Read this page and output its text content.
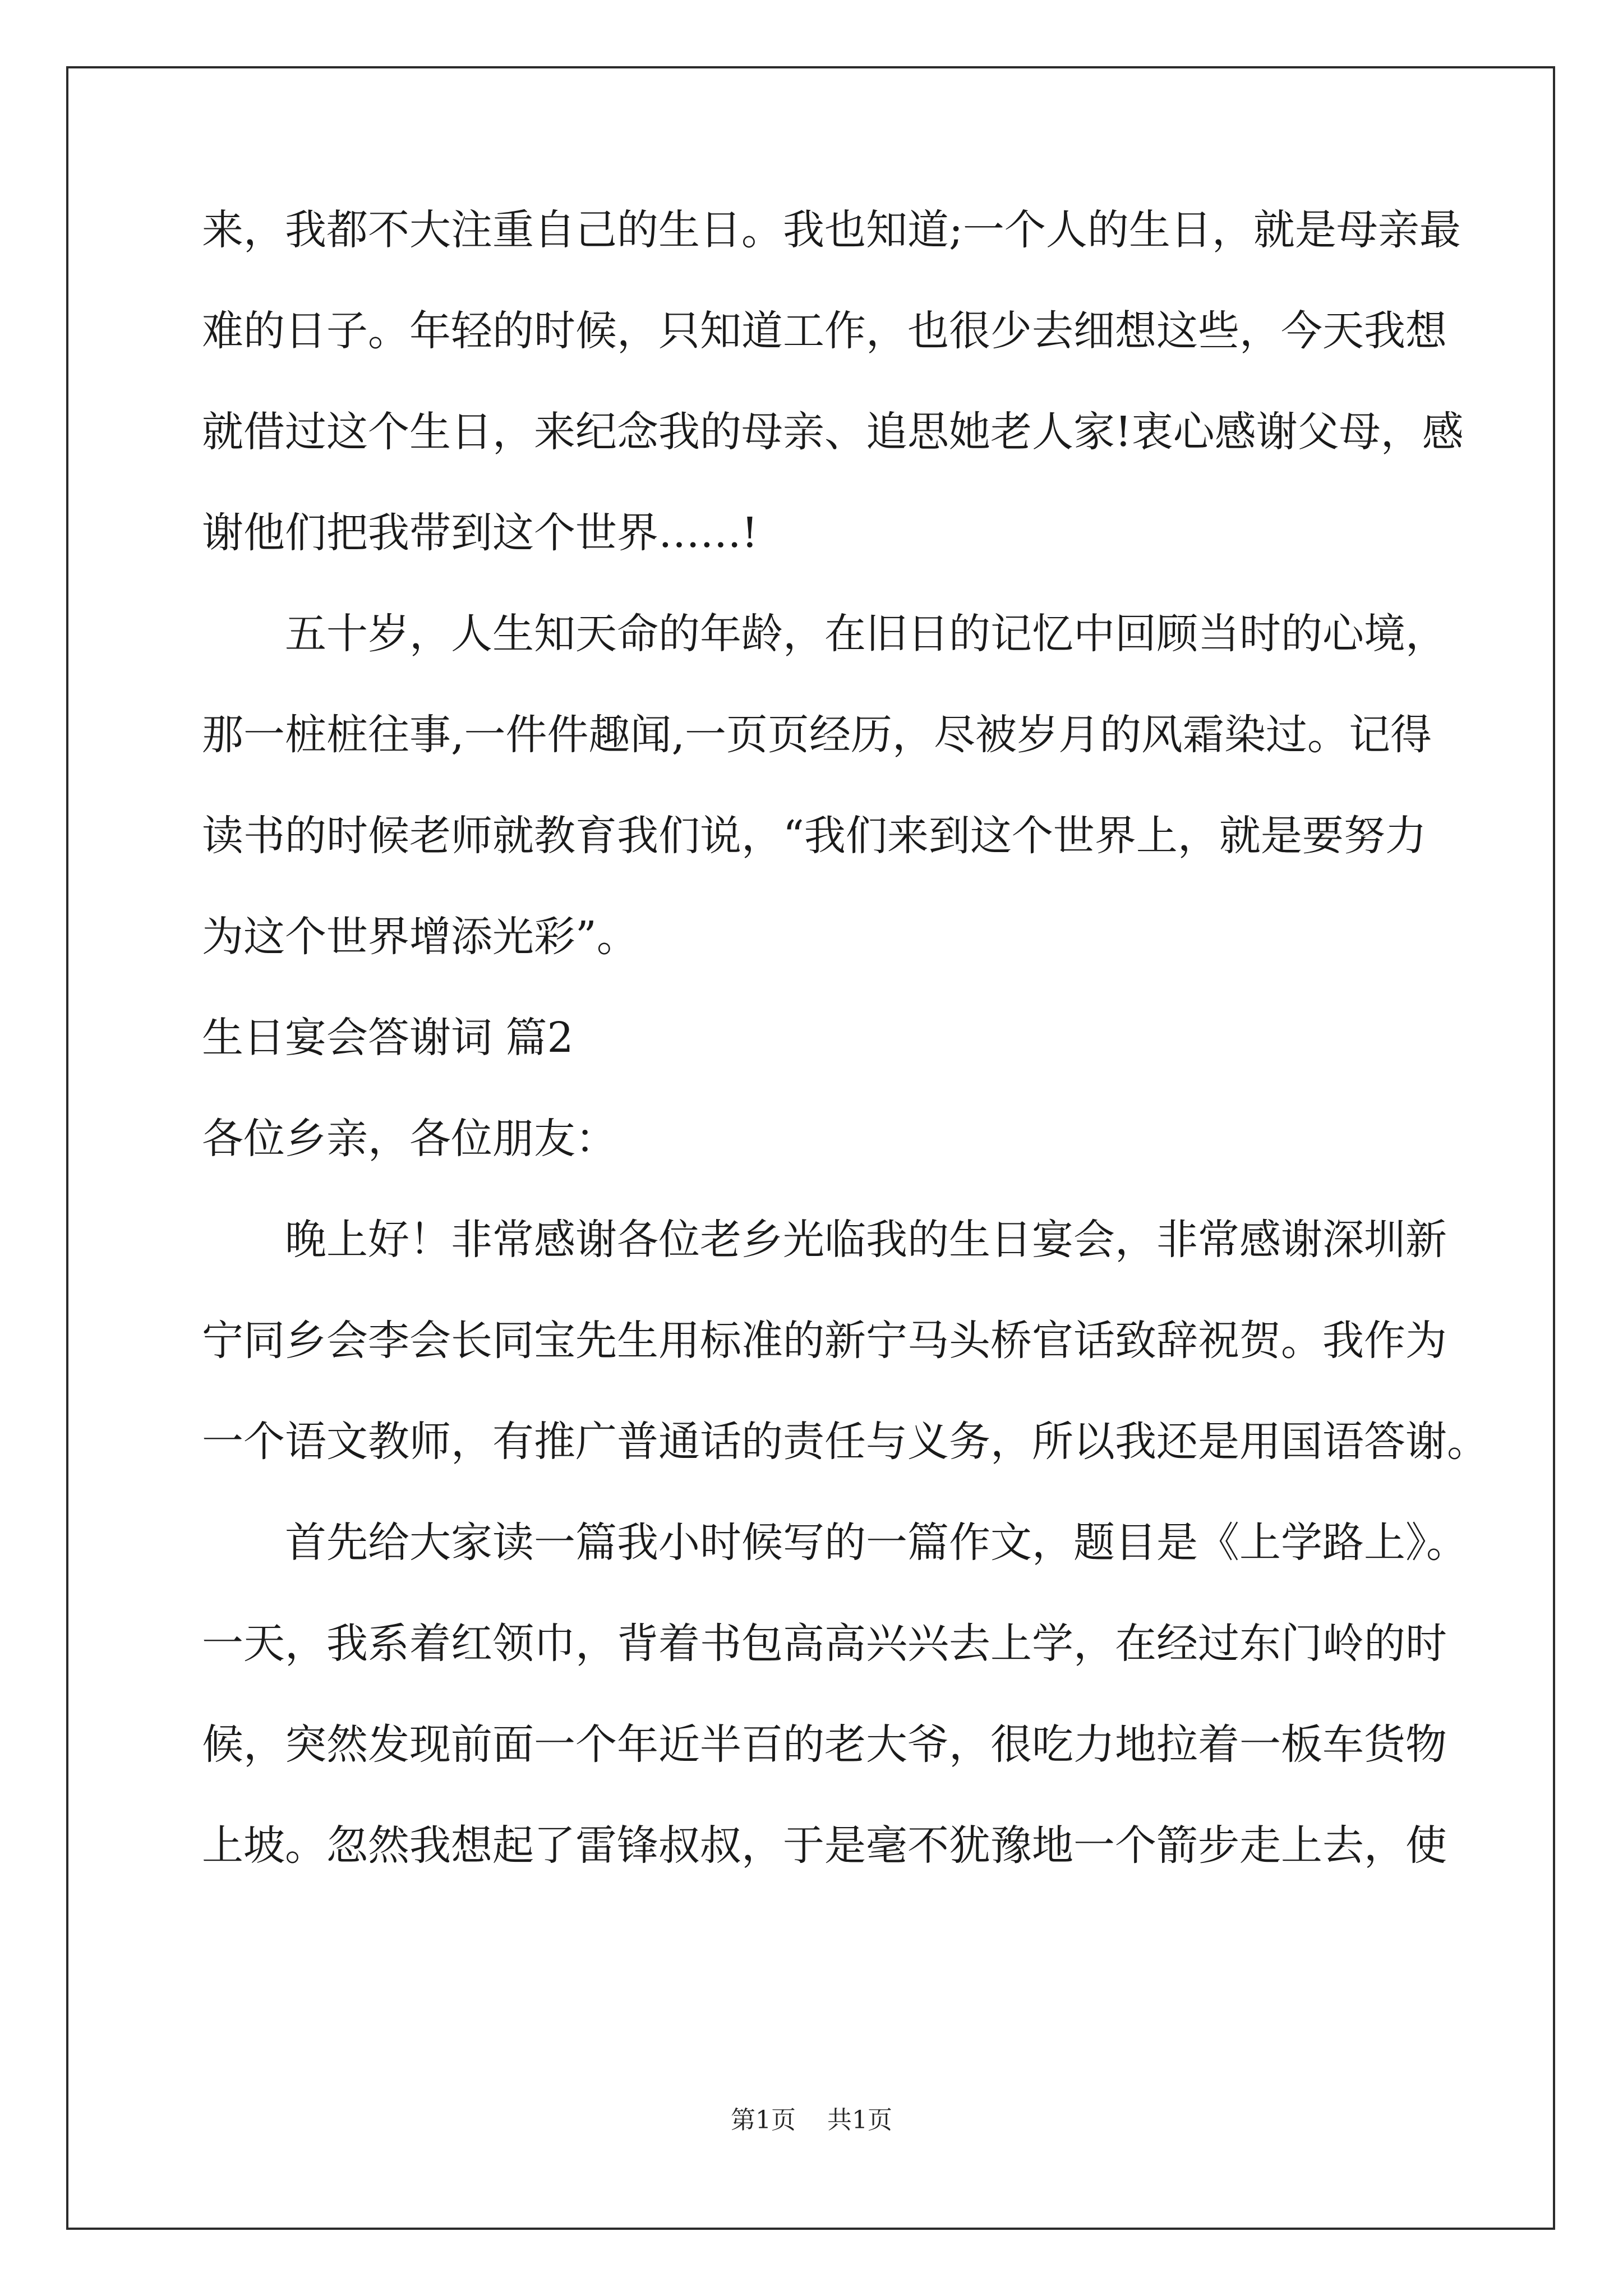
来，我都不大注重自己的生日。我也知道;一个人的生日，就是母亲最
难的日子。年轻的时候，只知道工作，也很少去细想这些，今天我想
就借过这个生日，来纪念我的母亲、追思她老人家!衷心感谢父母，感
谢他们把我带到这个世界……!
　　五十岁，人生知天命的年龄，在旧日的记忆中回顾当时的心境，
那一桩桩往事,一件件趣闻,一页页经历，尽被岁月的风霜染过。记得
读书的时候老师就教育我们说，“我们来到这个世界上，就是要努力
为这个世界增添光彩”。
生日宴会答谢词 篇2
各位乡亲，各位朋友：
　　晚上好！非常感谢各位老乡光临我的生日宴会，非常感谢深圳新
宁同乡会李会长同宝先生用标准的新宁马头桥官话致辞祝贺。我作为
一个语文教师，有推广普通话的责任与义务，所以我还是用国语答谢。
　　首先给大家读一篇我小时候写的一篇作文，题目是《上学路上》。
一天，我系着红领巾，背着书包高高兴兴去上学，在经过东门岭的时
候，突然发现前面一个年近半百的老大爷，很吃力地拉着一板车货物
上坡。忽然我想起了雷锋叔叔，于是毫不犹豫地一个箭步走上去，使
第1页 共1页
